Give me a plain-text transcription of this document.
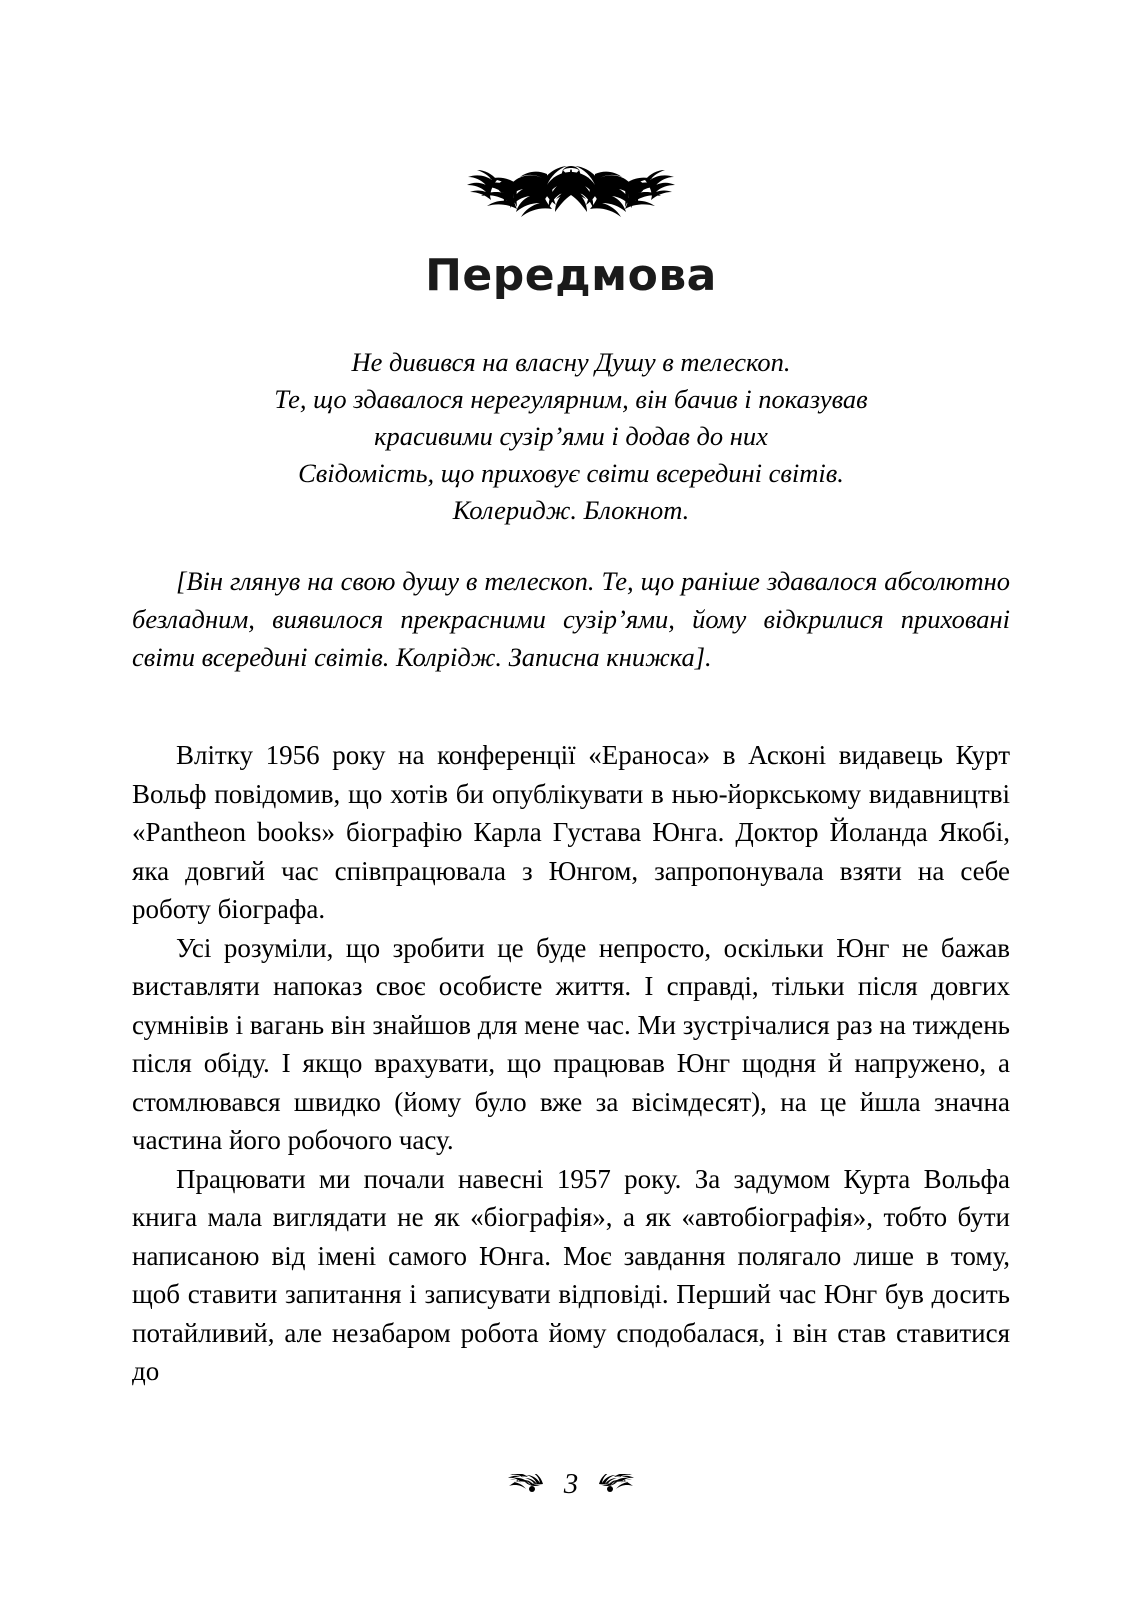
Передмова
Не дивився на власну Душу в телескоп.
Те, що здавалося нерегулярним, він бачив і показував
красивими сузір’ями і додав до них
Свідомість, що приховує світи всередині світів.
Колеридж. Блокнот.
[Він глянув на свою душу в телескоп. Те, що раніше здавалося абсолютно безладним, виявилося прекрасними сузір’ями, йому відкрилися приховані світи всередині світів. Колрідж. Записна книжка].

Влітку 1956 року на конференції «Ераноса» в Асконі видавець Курт Вольф повідомив, що хотів би опублікувати в нью-йоркському видавництві «Pantheon books» біографію Карла Густава Юнга. Доктор Йоланда Якобі, яка довгий час співпрацювала з Юнгом, запропонувала взяти на себе роботу біографа.

Усі розуміли, що зробити це буде непросто, оскільки Юнг не бажав виставляти напоказ своє особисте життя. І справді, тільки після довгих сумнівів і вагань він знайшов для мене час. Ми зустрічалися раз на тиждень після обіду. І якщо врахувати, що працював Юнг щодня й напружено, а стомлювався швидко (йому було вже за вісімдесят), на це йшла значна частина його робочого часу.

Працювати ми почали навесні 1957 року. За задумом Курта Вольфа книга мала виглядати не як «біографія», а як «автобіографія», тобто бути написаною від імені самого Юнга. Моє завдання полягало лише в тому, щоб ставити запитання і записувати відповіді. Перший час Юнг був досить потайливий, але незабаром робота йому сподобалася, і він став ставитися до

3
